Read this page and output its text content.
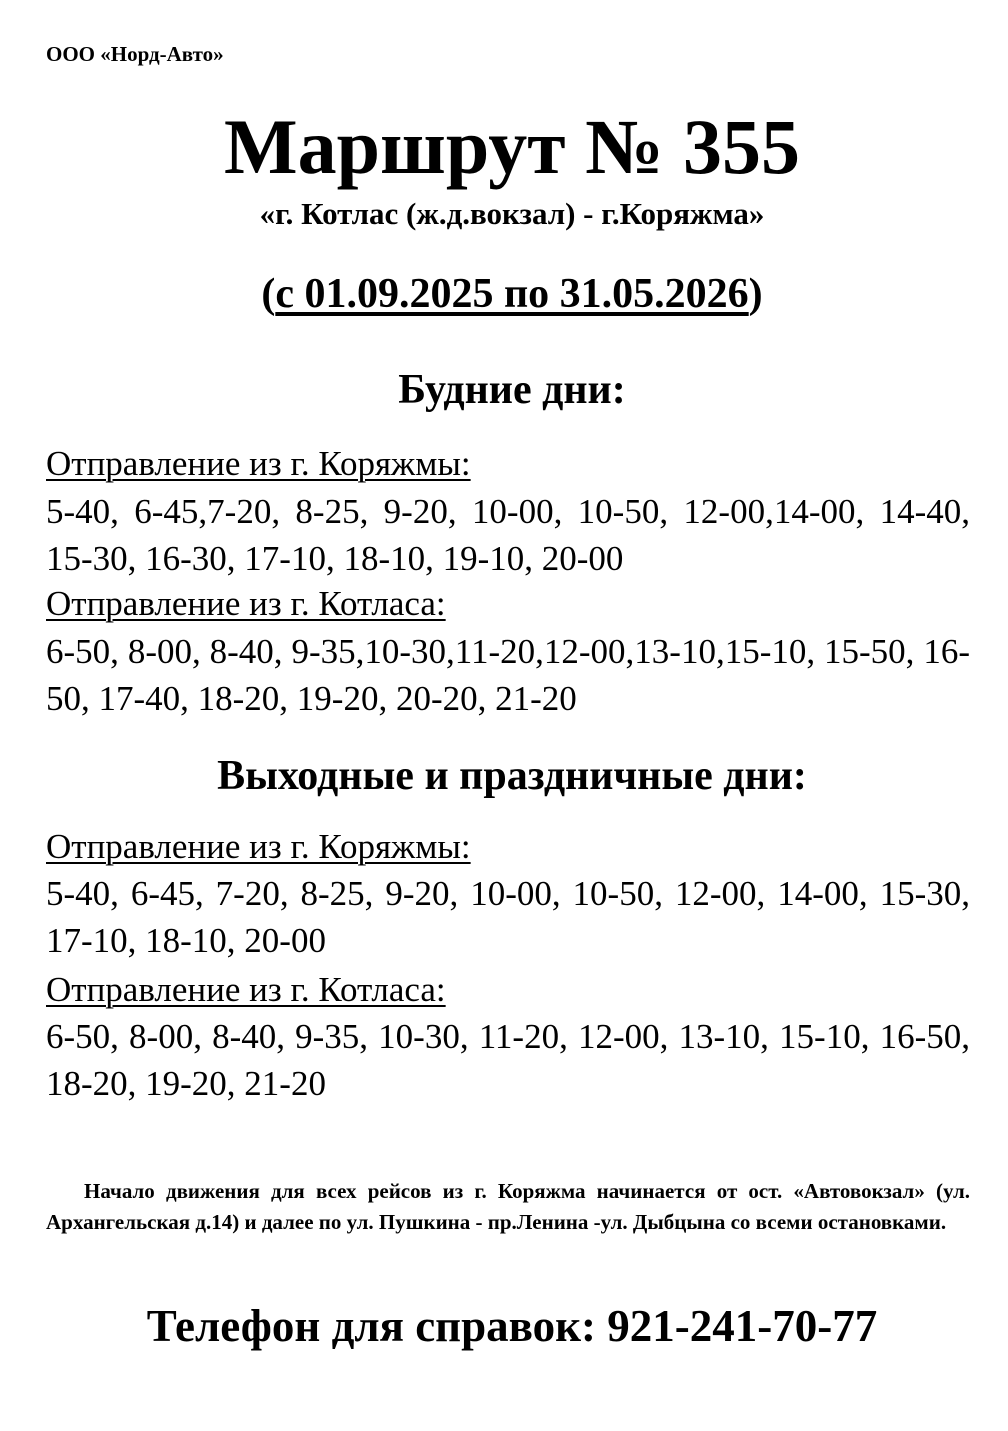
ООО «Норд-Авто»
Маршрут № 355
«г. Котлас (ж.д.вокзал) - г.Коряжма»
(с 01.09.2025 по 31.05.2026)
Будние дни:
Отправление из г. Коряжмы:
5-40, 6-45,7-20, 8-25, 9-20, 10-00, 10-50, 12-00,14-00, 14-40, 15-30, 16-30, 17-10, 18-10, 19-10, 20-00
Отправление из г. Котласа:
6-50, 8-00, 8-40, 9-35,10-30,11-20,12-00,13-10,15-10, 15-50, 16-50, 17-40, 18-20, 19-20, 20-20, 21-20
Выходные и праздничные дни:
Отправление из г. Коряжмы:
5-40, 6-45, 7-20, 8-25, 9-20, 10-00, 10-50, 12-00, 14-00, 15-30, 17-10, 18-10, 20-00
Отправление из г. Котласа:
6-50, 8-00, 8-40, 9-35, 10-30, 11-20, 12-00, 13-10, 15-10, 16-50, 18-20, 19-20, 21-20
Начало движения для всех рейсов из г. Коряжма начинается от ост. «Автовокзал» (ул. Архангельская д.14) и далее по ул. Пушкина - пр.Ленина -ул. Дыбцына со всеми остановками.
Телефон для справок: 921-241-70-77
